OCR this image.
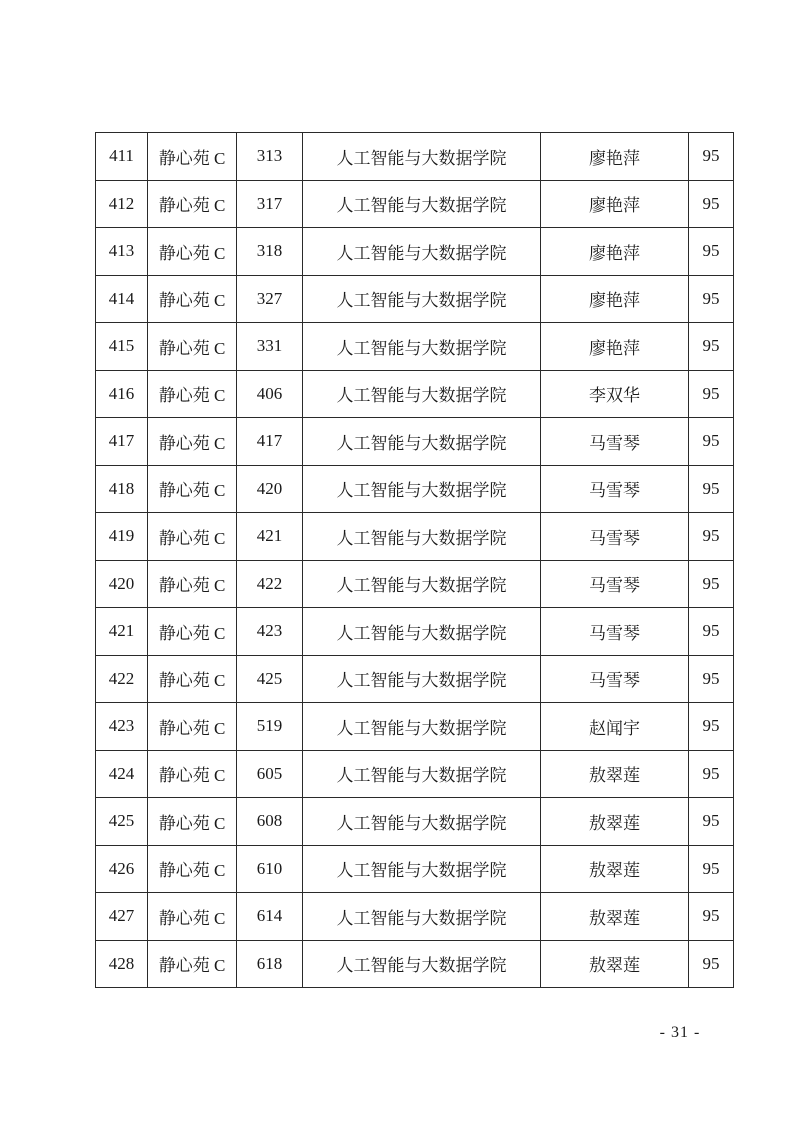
411	静心苑 C	313	人工智能与大数据学院	廖艳萍	95
412	静心苑 C	317	人工智能与大数据学院	廖艳萍	95
413	静心苑 C	318	人工智能与大数据学院	廖艳萍	95
414	静心苑 C	327	人工智能与大数据学院	廖艳萍	95
415	静心苑 C	331	人工智能与大数据学院	廖艳萍	95
416	静心苑 C	406	人工智能与大数据学院	李双华	95
417	静心苑 C	417	人工智能与大数据学院	马雪琴	95
418	静心苑 C	420	人工智能与大数据学院	马雪琴	95
419	静心苑 C	421	人工智能与大数据学院	马雪琴	95
420	静心苑 C	422	人工智能与大数据学院	马雪琴	95
421	静心苑 C	423	人工智能与大数据学院	马雪琴	95
422	静心苑 C	425	人工智能与大数据学院	马雪琴	95
423	静心苑 C	519	人工智能与大数据学院	赵闻宇	95
424	静心苑 C	605	人工智能与大数据学院	敖翠莲	95
425	静心苑 C	608	人工智能与大数据学院	敖翠莲	95
426	静心苑 C	610	人工智能与大数据学院	敖翠莲	95
427	静心苑 C	614	人工智能与大数据学院	敖翠莲	95
428	静心苑 C	618	人工智能与大数据学院	敖翠莲	95
- 31 -
